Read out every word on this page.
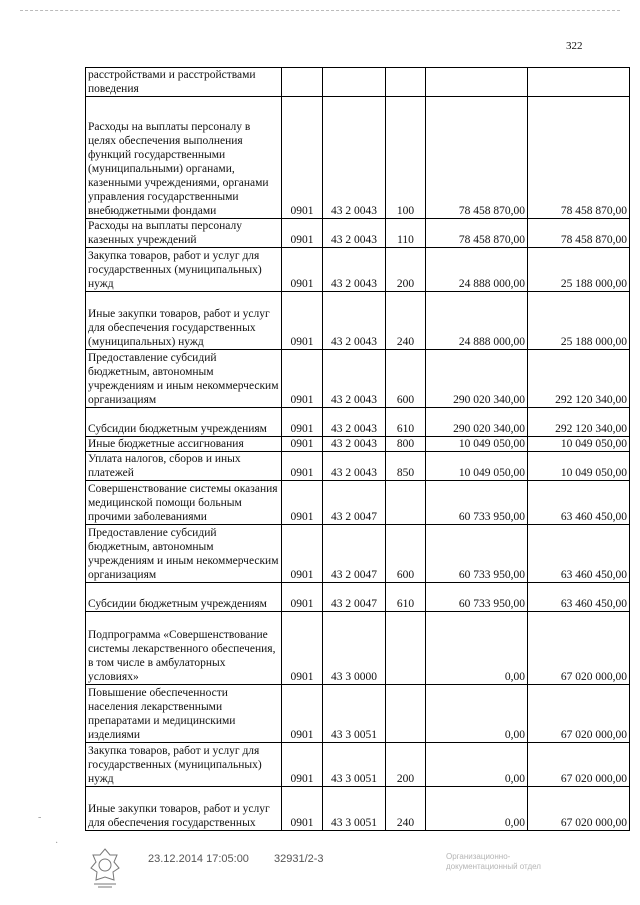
322
расстройствами и расстройствами поведения					
Расходы на выплаты персоналу в целях обеспечения выполнения функций государственными (муниципальными) органами, казенными учреждениями, органами управления государственными внебюджетными фондами	0901	43 2 0043	100	78 458 870,00	78 458 870,00
Расходы на выплаты персоналу казенных учреждений	0901	43 2 0043	110	78 458 870,00	78 458 870,00
Закупка товаров, работ и услуг для государственных (муниципальных) нужд	0901	43 2 0043	200	24 888 000,00	25 188 000,00
Иные закупки товаров, работ и услуг для обеспечения государственных (муниципальных) нужд	0901	43 2 0043	240	24 888 000,00	25 188 000,00
Предоставление субсидий бюджетным, автономным учреждениям и иным некоммерческим организациям	0901	43 2 0043	600	290 020 340,00	292 120 340,00
Субсидии бюджетным учреждениям	0901	43 2 0043	610	290 020 340,00	292 120 340,00
Иные бюджетные ассигнования	0901	43 2 0043	800	10 049 050,00	10 049 050,00
Уплата налогов, сборов и иных платежей	0901	43 2 0043	850	10 049 050,00	10 049 050,00
Совершенствование системы оказания медицинской помощи больным прочими заболеваниями	0901	43 2 0047		60 733 950,00	63 460 450,00
Предоставление субсидий бюджетным, автономным учреждениям и иным некоммерческим организациям	0901	43 2 0047	600	60 733 950,00	63 460 450,00
Субсидии бюджетным учреждениям	0901	43 2 0047	610	60 733 950,00	63 460 450,00
Подпрограмма «Совершенствование системы лекарственного обеспечения, в том числе в амбулаторных условиях»	0901	43 3 0000		0,00	67 020 000,00
Повышение обеспеченности населения лекарственными препаратами и медицинскими изделиями	0901	43 3 0051		0,00	67 020 000,00
Закупка товаров, работ и услуг для государственных (муниципальных) нужд	0901	43 3 0051	200	0,00	67 020 000,00
Иные закупки товаров, работ и услуг для обеспечения государственных	0901	43 3 0051	240	0,00	67 020 000,00
-
·
23.12.2014 17:05:00 32931/2-3	Организационно-документационный отдел
